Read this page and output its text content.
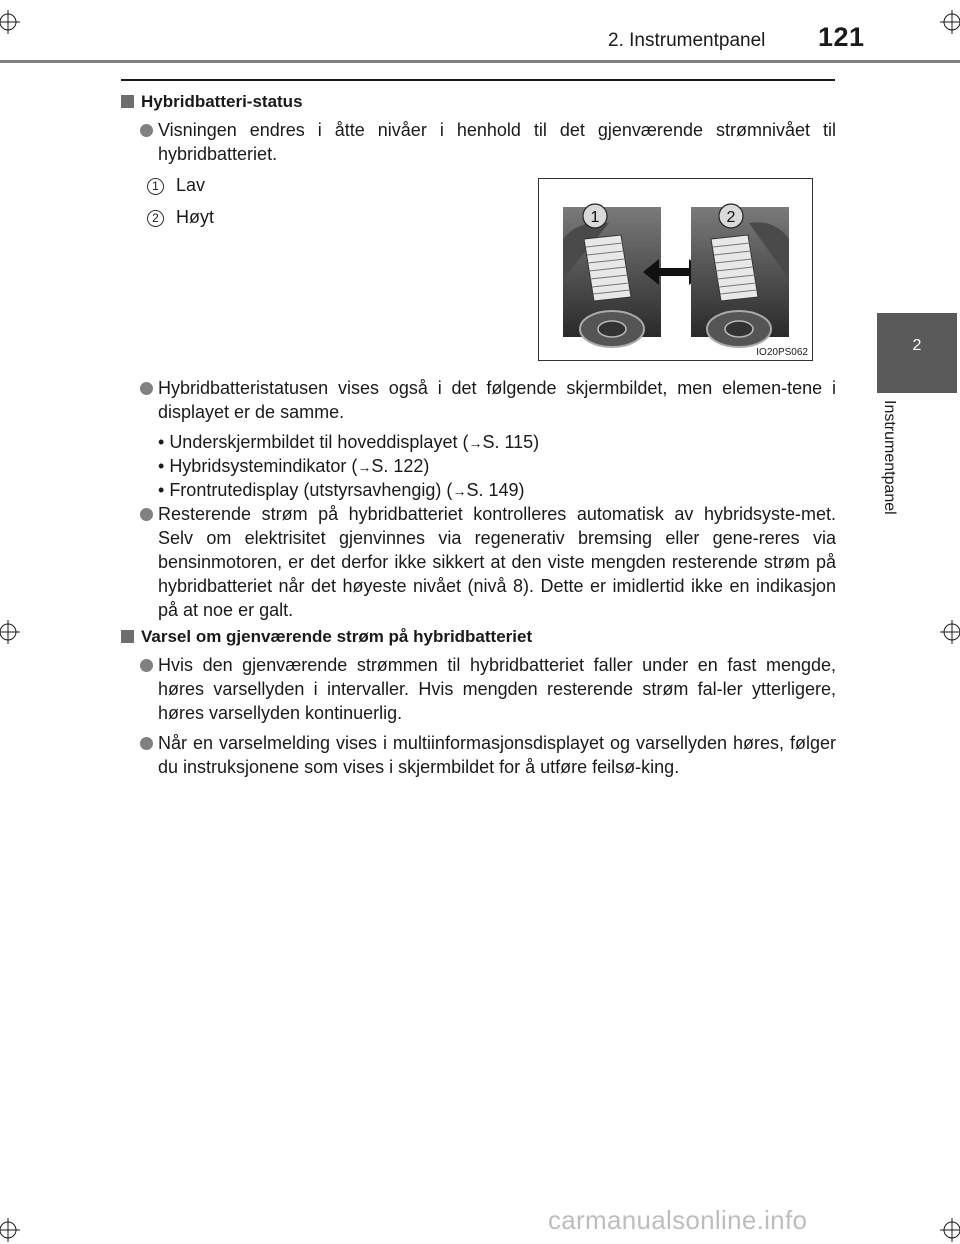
2. Instrumentpanel 121
2
Instrumentpanel
Hybridbatteri-status
Visningen endres i åtte nivåer i henhold til det gjenværende strømnivået til hybridbatteriet.
1 Lav
2 Høyt	1	2
IO20PS062
Hybridbatteristatusen vises også i det følgende skjermbildet, men elemen-tene i displayet er de samme.
• Underskjermbildet til hoveddisplayet (→S. 115)
• Hybridsystemindikator (→S. 122)
• Frontrutedisplay (utstyrsavhengig) (→S. 149)
Resterende strøm på hybridbatteriet kontrolleres automatisk av hybridsyste-met. Selv om elektrisitet gjenvinnes via regenerativ bremsing eller gene-reres via bensinmotoren, er det derfor ikke sikkert at den viste mengden resterende strøm på hybridbatteriet når det høyeste nivået (nivå 8). Dette er imidlertid ikke en indikasjon på at noe er galt.
Varsel om gjenværende strøm på hybridbatteriet
Hvis den gjenværende strømmen til hybridbatteriet faller under en fast mengde, høres varsellyden i intervaller. Hvis mengden resterende strøm fal-ler ytterligere, høres varsellyden kontinuerlig.
Når en varselmelding vises i multiinformasjonsdisplayet og varsellyden høres, følger du instruksjonene som vises i skjermbildet for å utføre feilsø-king.
carmanualsonline.info
